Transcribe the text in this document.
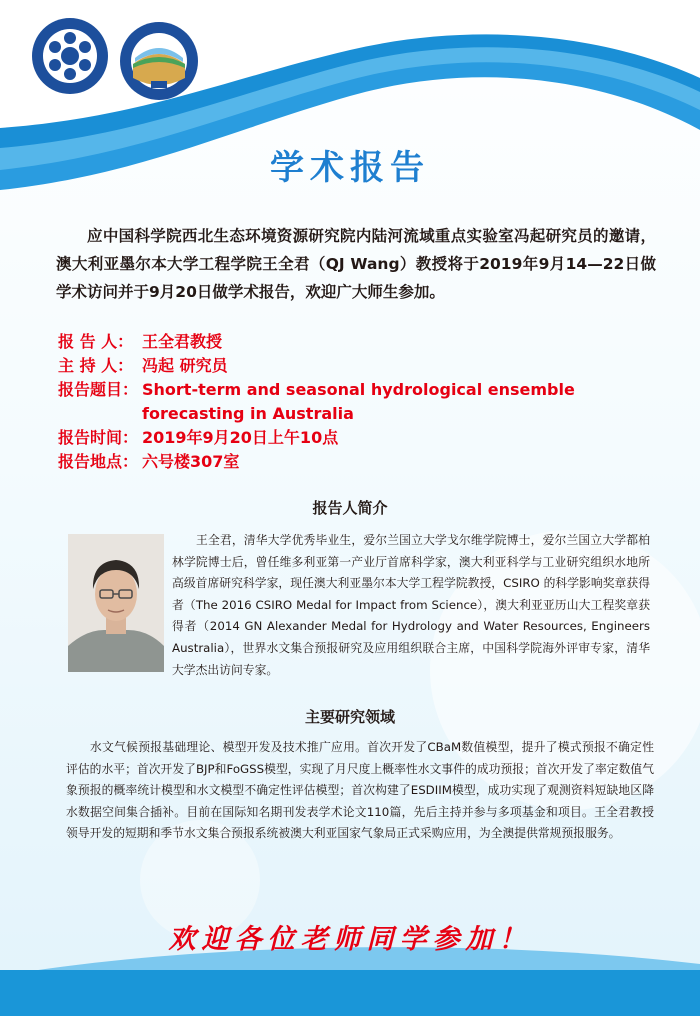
学术报告

应中国科学院西北生态环境资源研究院内陆河流域重点实验室冯起研究员的邀请，澳大利亚墨尔本大学工程学院王全君（QJ Wang）教授将于2019年9月14—22日做学术访问并于9月20日做学术报告，欢迎广大师生参加。

报 告 人： 王全君教授
主 持 人： 冯起 研究员
报告题目： Short-term and seasonal hydrological ensemble forecasting in Australia
报告时间： 2019年9月20日上午10点
报告地点： 六号楼307室
报告人简介

王全君，清华大学优秀毕业生，爱尔兰国立大学戈尔维学院博士，爱尔兰国立大学都柏林学院博士后，曾任维多利亚第一产业厅首席科学家，澳大利亚科学与工业研究组织水地所高级首席研究科学家，现任澳大利亚墨尔本大学工程学院教授，CSIRO 的科学影响奖章获得者（The 2016 CSIRO Medal for Impact from Science），澳大利亚亚历山大工程奖章获得者（2014 GN Alexander Medal for Hydrology and Water Resources, Engineers Australia），世界水文集合预报研究及应用组织联合主席，中国科学院海外评审专家，清华大学杰出访问专家。

主要研究领域

水文气候预报基础理论、模型开发及技术推广应用。首次开发了CBaM数值模型，提升了模式预报不确定性评估的水平；首次开发了BJP和FoGSS模型，实现了月尺度上概率性水文事件的成功预报；首次开发了率定数值气象预报的概率统计模型和水文模型不确定性评估模型；首次构建了ESDIIM模型，成功实现了观测资料短缺地区降水数据空间集合插补。目前在国际知名期刊发表学术论文110篇，先后主持并参与多项基金和项目。王全君教授领导开发的短期和季节水文集合预报系统被澳大利亚国家气象局正式采购应用，为全澳提供常规预报服务。

欢迎各位老师同学参加！
